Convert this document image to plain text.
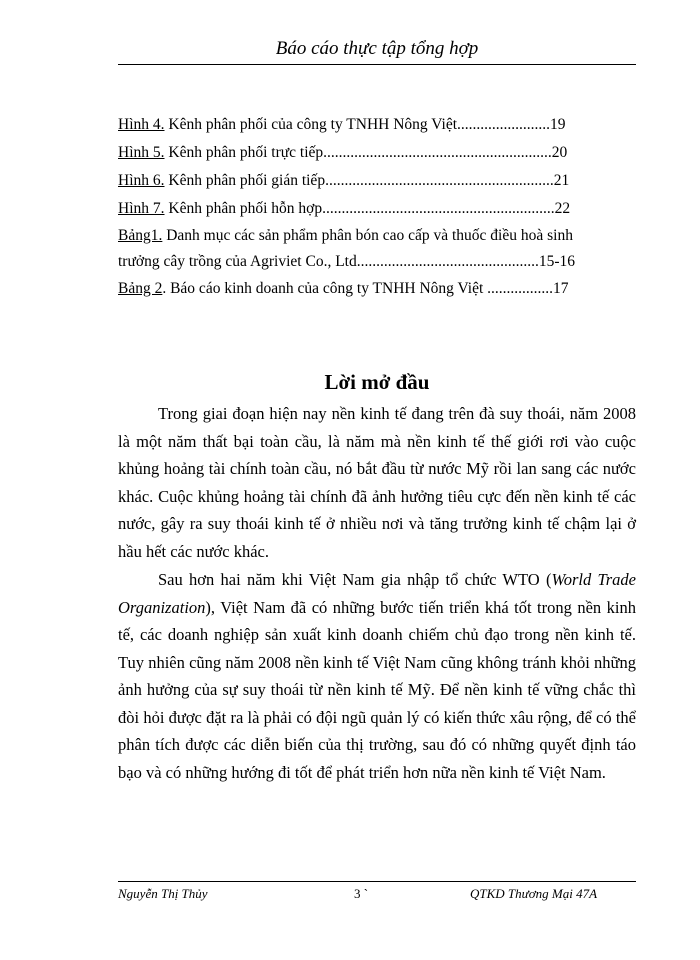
Báo cáo thực tập tổng hợp
Hình 4. Kênh phân phối của công ty TNHH Nông Việt........................19
Hình 5. Kênh phân phối trực tiếp...........................................................20
Hình 6. Kênh phân phối gián tiếp...........................................................21
Hình 7. Kênh phân phối hỗn hợp............................................................22
Bảng1. Danh mục các sản phẩm phân bón cao cấp và thuốc điều hoà sinh
trưởng cây trồng của Agriviet Co., Ltd...............................................15-16
Bảng 2. Báo cáo kinh doanh của công ty TNHH Nông Việt .................17
Lời mở đầu

Trong giai đoạn hiện nay nền kinh tế đang trên đà suy thoái, năm 2008 là một năm thất bại toàn cầu, là năm mà nền kinh tế thế giới rơi vào cuộc khủng hoảng tài chính toàn cầu, nó bắt đầu từ nước Mỹ rồi lan sang các nước khác. Cuộc khủng hoảng tài chính đã ảnh hưởng tiêu cực đến nền kinh tế các nước, gây ra suy thoái kinh tế ở nhiều nơi và tăng trưởng kinh tế chậm lại ở hầu hết các nước khác.

Sau hơn hai năm khi Việt Nam gia nhập tổ chức WTO (World Trade Organization), Việt Nam đã có những bước tiến triển khá tốt trong nền kinh tế, các doanh nghiệp sản xuất kinh doanh chiếm chủ đạo trong nền kinh tế. Tuy nhiên cũng năm 2008 nền kinh tế Việt Nam cũng không tránh khỏi những ảnh hưởng của sự suy thoái từ nền kinh tế Mỹ. Để nền kinh tế vững chắc thì đòi hỏi được đặt ra là phải có đội ngũ quản lý có kiến thức xâu rộng, để có thể phân tích được các diễn biến của thị trường, sau đó có những quyết định táo bạo và có những hướng đi tốt để phát triển hơn nữa nền kinh tế Việt Nam.

Nguyễn Thị Thủy	3 `	QTKD Thương Mại 47A
